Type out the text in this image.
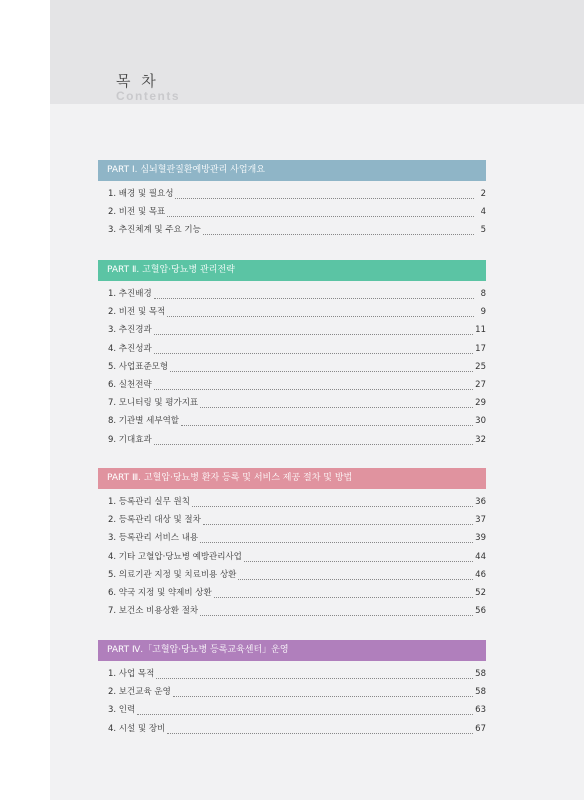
목 차
Contents
PART Ⅰ. 심뇌혈관질환예방관리 사업개요
1. 배경 및 필요성	2
2. 비전 및 목표	4
3. 추진체계 및 주요 기능	5
PART Ⅱ. 고혈압·당뇨병 관리전략
1. 추진배경	8
2. 비전 및 목적	9
3. 추진경과	11
4. 추진성과	17
5. 사업표준모형	25
6. 실천전략	27
7. 모니터링 및 평가지표	29
8. 기관별 세부역할	30
9. 기대효과	32
PART Ⅲ. 고혈압·당뇨병 환자 등록 및 서비스 제공 절차 및 방법
1. 등록관리 실무 원칙	36
2. 등록관리 대상 및 절차	37
3. 등록관리 서비스 내용	39
4. 기타 고혈압·당뇨병 예방관리사업	44
5. 의료기관 지정 및 치료비용 상환	46
6. 약국 지정 및 약제비 상환	52
7. 보건소 비용상환 절차	56
PART Ⅳ.「고혈압·당뇨병 등록교육센터」운영
1. 사업 목적	58
2. 보건교육 운영	58
3. 인력	63
4. 시설 및 장비	67
